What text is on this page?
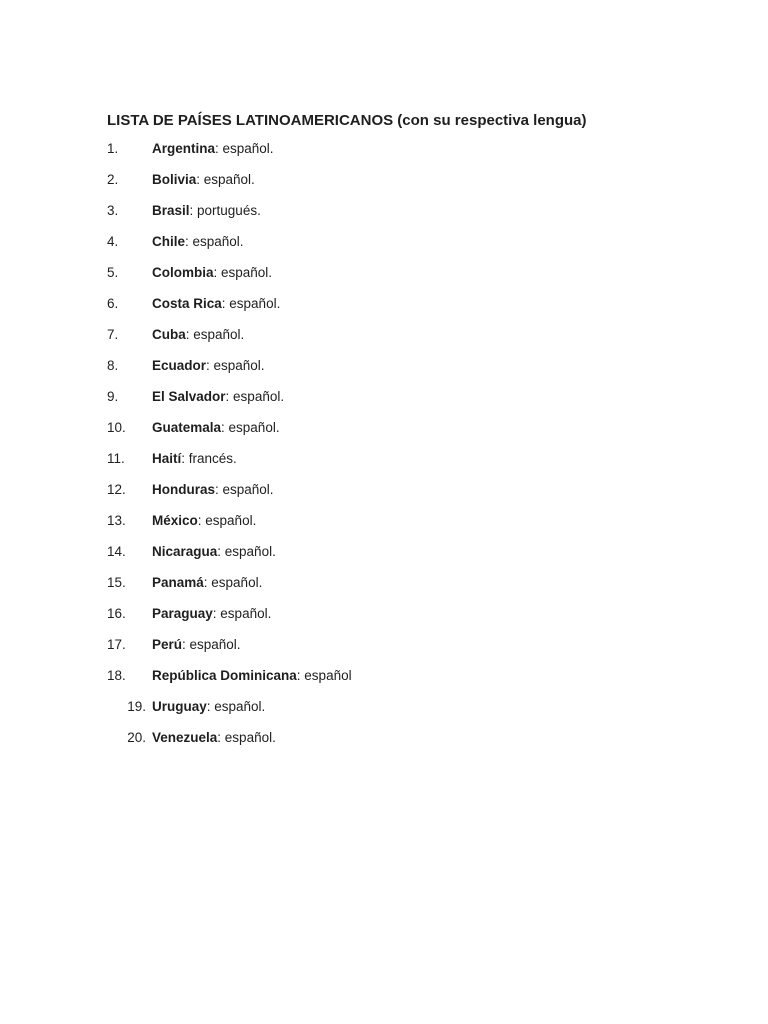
LISTA DE PAÍSES LATINOAMERICANOS (con su respectiva lengua)
1. Argentina: español.
2. Bolivia: español.
3. Brasil: portugués.
4. Chile: español.
5. Colombia: español.
6. Costa Rica: español.
7. Cuba: español.
8. Ecuador: español.
9. El Salvador: español.
10. Guatemala: español.
11. Haití: francés.
12. Honduras: español.
13. México: español.
14. Nicaragua: español.
15. Panamá: español.
16. Paraguay: español.
17. Perú: español.
18. República Dominicana: español
19. Uruguay: español.
20. Venezuela: español.
